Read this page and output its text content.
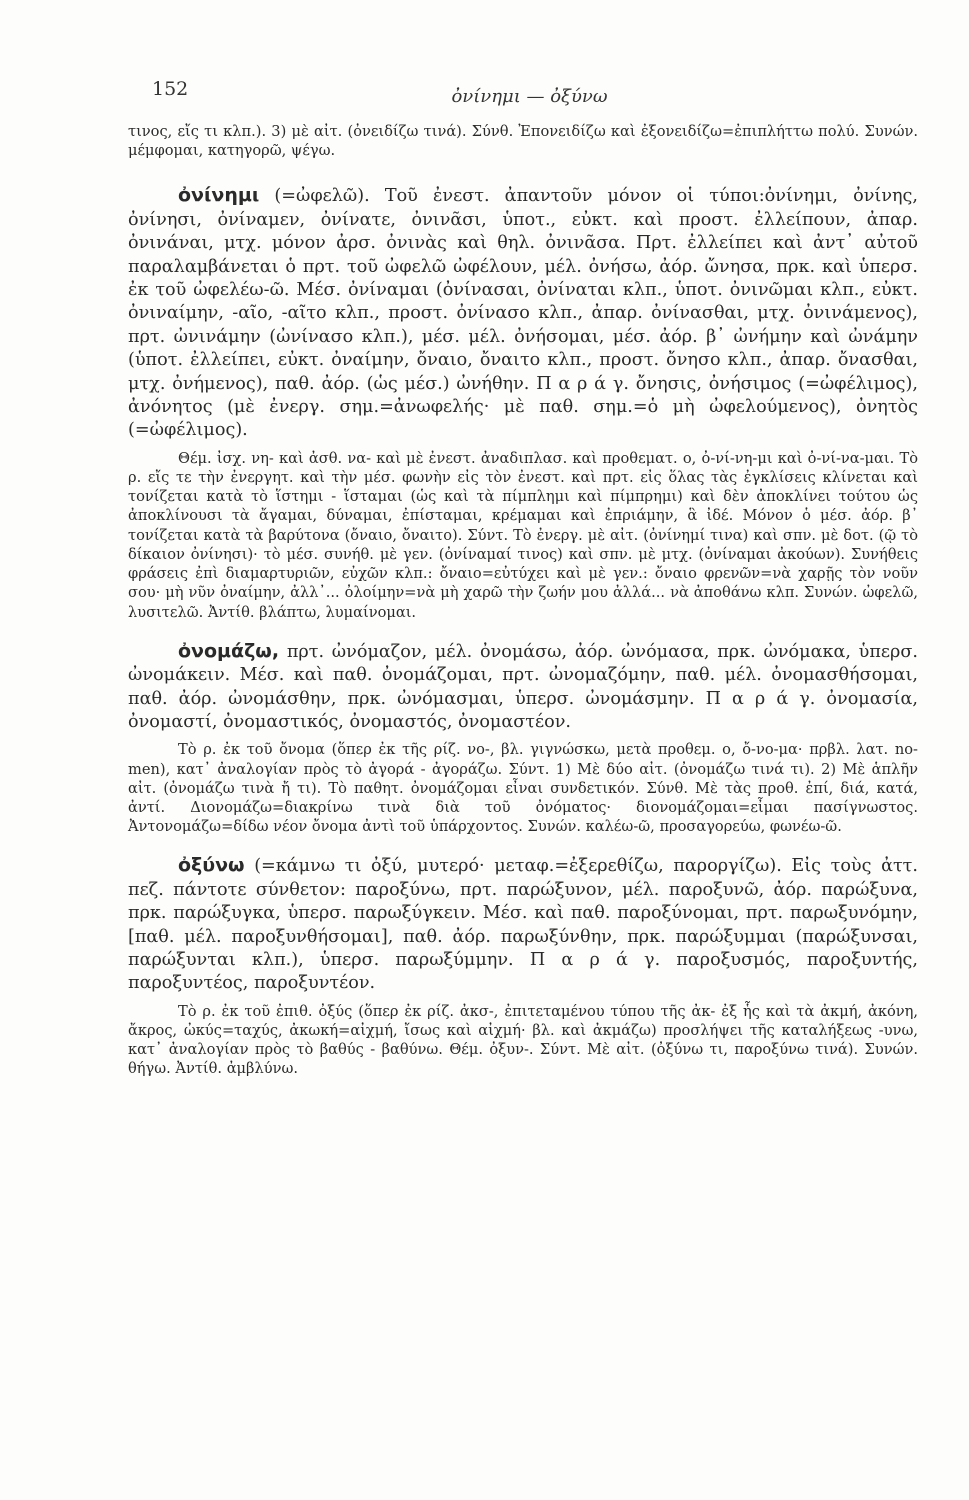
152	ὀνίνημι — ὀξύνω

τινος, εἴς τι κλπ.). 3) μὲ αἰτ. (ὀνειδίζω τινά). Σύνθ. Ἐπονειδίζω καὶ ἐξονειδίζω=ἐπιπλήττω πολύ. Συνών. μέμφομαι, κατηγορῶ, ψέγω.

ὀνίνημι (=ὠφελῶ). Τοῦ ἐνεστ. ἀπαντοῦν μόνον οἱ τύποι:ὀνίνημι, ὀνίνης, ὀνίνησι, ὀνίναμεν, ὀνίνατε, ὀνινᾶσι, ὑποτ., εὐκτ. καὶ προστ. ἐλλείπουν, ἀπαρ. ὀνινάναι, μτχ. μόνον ἀρσ. ὀνινὰς καὶ θηλ. ὀνινᾶσα. Πρτ. ἐλλείπει καὶ ἀντ᾽ αὐτοῦ παραλαμβάνεται ὁ πρτ. τοῦ ὠφελῶ ὠφέλουν, μέλ. ὀνήσω, ἀόρ. ὤνησα, πρκ. καὶ ὑπερσ. ἐκ τοῦ ὠφελέω-ῶ. Μέσ. ὀνίναμαι (ὀνίνασαι, ὀνίναται κλπ., ὑποτ. ὀνινῶμαι κλπ., εὐκτ. ὀνιναίμην, -αῖο, -αῖτο κλπ., προστ. ὀνίνασο κλπ., ἀπαρ. ὀνίνασθαι, μτχ. ὀνινάμενος), πρτ. ὠνινάμην (ὠνίνασο κλπ.), μέσ. μέλ. ὀνήσομαι, μέσ. ἀόρ. β᾽ ὠνήμην καὶ ὠνάμην (ὑποτ. ἐλλείπει, εὐκτ. ὀναίμην, ὄναιο, ὄναιτο κλπ., προστ. ὄνησο κλπ., ἀπαρ. ὄνασθαι, μτχ. ὀνήμενος), παθ. ἀόρ. (ὡς μέσ.) ὠνήθην. Π α ρ ά γ. ὄνησις, ὀνήσιμος (=ὠφέλιμος), ἀνόνητος (μὲ ἐνεργ. σημ.=ἀνωφελής· μὲ παθ. σημ.=ὁ μὴ ὠφελούμενος), ὀνητὸς (=ὠφέλιμος).

Θέμ. ἰσχ. νη- καὶ ἀσθ. να- καὶ μὲ ἐνεστ. ἀναδιπλασ. καὶ προθεματ. ο, ὀ-νί-νη-μι καὶ ὀ-νί-να-μαι. Τὸ ρ. εἴς τε τὴν ἐνεργητ. καὶ τὴν μέσ. φωνὴν εἰς τὸν ἐνεστ. καὶ πρτ. εἰς ὅλας τὰς ἐγκλίσεις κλίνεται καὶ τονίζεται κατὰ τὸ ἵστημι - ἵσταμαι (ὡς καὶ τὰ πίμπλημι καὶ πίμπρημι) καὶ δὲν ἀποκλίνει τούτου ὡς ἀποκλίνουσι τὰ ἄγαμαι, δύναμαι, ἐπίσταμαι, κρέμαμαι καὶ ἐπριάμην, ἃ ἰδέ. Μόνον ὁ μέσ. ἀόρ. β᾽ τονίζεται κατὰ τὰ βαρύτονα (ὄναιο, ὄναιτο). Σύντ. Τὸ ἐνεργ. μὲ αἰτ. (ὀνίνημί τινα) καὶ σπν. μὲ δοτ. (ῷ τὸ δίκαιον ὀνίνησι)· τὸ μέσ. συνήθ. μὲ γεν. (ὀνίναμαί τινος) καὶ σπν. μὲ μτχ. (ὀνίναμαι ἀκούων). Συνήθεις φράσεις ἐπὶ διαμαρτυριῶν, εὐχῶν κλπ.: ὄναιο=εὐτύχει καὶ μὲ γεν.: ὄναιο φρενῶν=νὰ χαρῇς τὸν νοῦν σου· μὴ νῦν ὀναίμην, ἀλλ᾽... ὀλοίμην=νὰ μὴ χαρῶ τὴν ζωήν μου ἀλλά... νὰ ἀποθάνω κλπ. Συνών. ὠφελῶ, λυσιτελῶ. Ἀντίθ. βλάπτω, λυμαίνομαι.

ὀνομάζω, πρτ. ὠνόμαζον, μέλ. ὀνομάσω, ἀόρ. ὠνόμασα, πρκ. ὠνόμακα, ὑπερσ. ὠνομάκειν. Μέσ. καὶ παθ. ὀνομάζομαι, πρτ. ὠνομαζόμην, παθ. μέλ. ὀνομασθήσομαι, παθ. ἀόρ. ὠνομάσθην, πρκ. ὠνόμασμαι, ὑπερσ. ὠνομάσμην. Π α ρ ά γ. ὀνομασία, ὀνομαστί, ὀνομαστικός, ὀνομαστός, ὀνομαστέον.

Τὸ ρ. ἐκ τοῦ ὄνομα (ὅπερ ἐκ τῆς ρίζ. νο-, βλ. γιγνώσκω, μετὰ προθεμ. ο, ὄ-νο-μα· πρβλ. λατ. no-men), κατ᾽ ἀναλογίαν πρὸς τὸ ἀγορά - ἀγοράζω. Σύντ. 1) Μὲ δύο αἰτ. (ὀνομάζω τινά τι). 2) Μὲ ἁπλῆν αἰτ. (ὀνομάζω τινὰ ἤ τι). Τὸ παθητ. ὀνομάζομαι εἶναι συνδετικόν. Σύνθ. Μὲ τὰς προθ. ἐπί, διά, κατά, ἀντί. Διονομάζω=διακρίνω τινὰ διὰ τοῦ ὀνόματος· διονομάζομαι=εἶμαι πασίγνωστος. Ἀντονομάζω=δίδω νέον ὄνομα ἀντὶ τοῦ ὑπάρχοντος. Συνών. καλέω-ῶ, προσαγορεύω, φωνέω-ῶ.

ὀξύνω (=κάμνω τι ὀξύ, μυτερό· μεταφ.=ἐξερεθίζω, παροργίζω). Εἰς τοὺς ἀττ. πεζ. πάντοτε σύνθετον: παροξύνω, πρτ. παρώξυνον, μέλ. παροξυνῶ, ἀόρ. παρώξυνα, πρκ. παρώξυγκα, ὑπερσ. παρωξύγκειν. Μέσ. καὶ παθ. παροξύνομαι, πρτ. παρωξυνόμην, [παθ. μέλ. παροξυνθήσομαι], παθ. ἀόρ. παρωξύνθην, πρκ. παρώξυμμαι (παρώξυνσαι, παρώξυνται κλπ.), ὑπερσ. παρωξύμμην. Π α ρ ά γ. παροξυσμός, παροξυντής, παροξυντέος, παροξυντέον.

Τὸ ρ. ἐκ τοῦ ἐπιθ. ὀξύς (ὅπερ ἐκ ρίζ. ἀκσ-, ἐπιτεταμένου τύπου τῆς ἀκ- ἐξ ἧς καὶ τὰ ἀκμή, ἀκόνη, ἄκρος, ὠκύς=ταχύς, ἀκωκή=αἰχμή, ἴσως καὶ αἰχμή· βλ. καὶ ἀκμάζω) προσλήψει τῆς καταλήξεως -υνω, κατ᾽ ἀναλογίαν πρὸς τὸ βαθύς - βαθύνω. Θέμ. ὀξυν-. Σύντ. Μὲ αἰτ. (ὀξύνω τι, παροξύνω τινά). Συνών. θήγω. Ἀντίθ. ἀμβλύνω.
